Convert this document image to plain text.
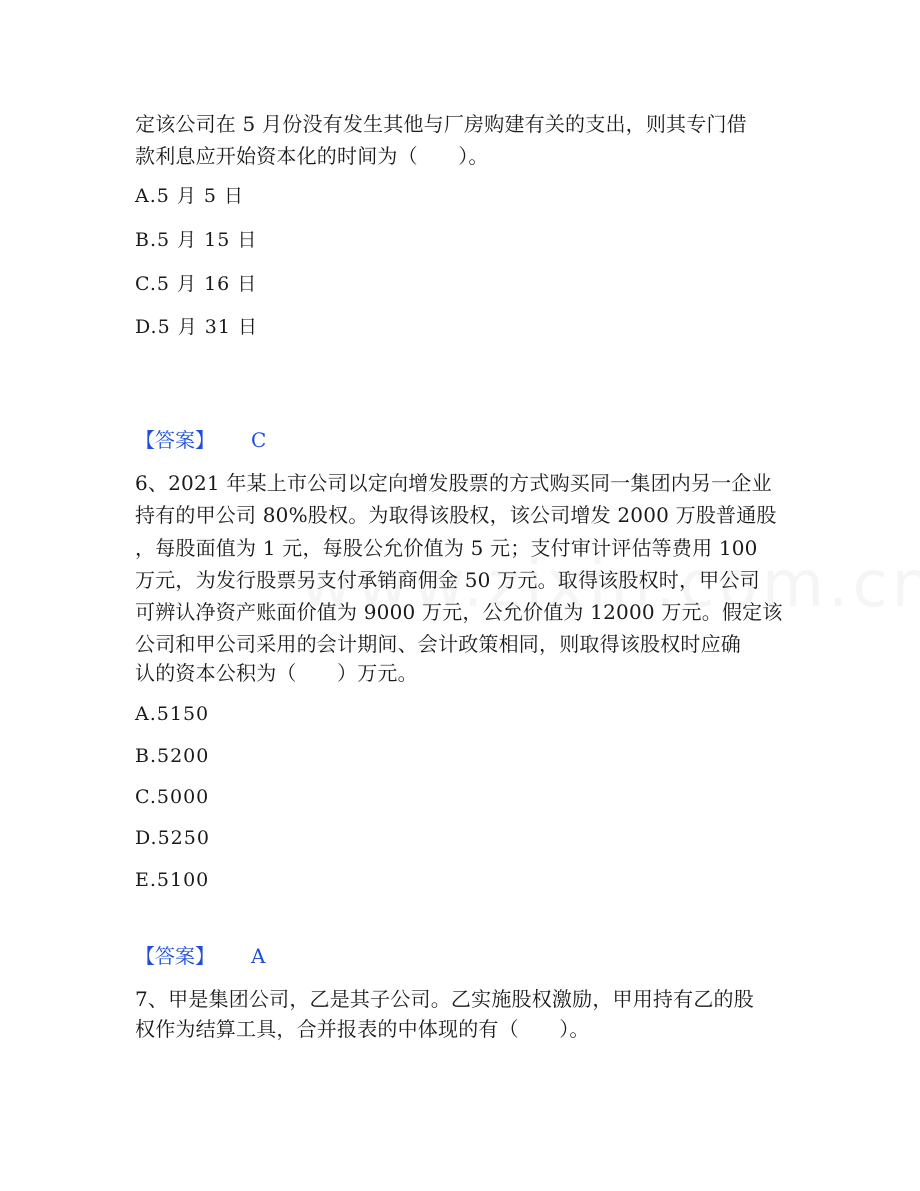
定该公司在 5 月份没有发生其他与厂房购建有关的支出，则其专门借
款利息应开始资本化的时间为（　　）。
A.5 月 5 日
B.5 月 15 日
C.5 月 16 日
D.5 月 31 日
【答案】 C
6、2021 年某上市公司以定向增发股票的方式购买同一集团内另一企业
持有的甲公司 80%股权。为取得该股权，该公司增发 2000 万股普通股
，每股面值为 1 元，每股公允价值为 5 元；支付审计评估等费用 100
万元，为发行股票另支付承销商佣金 50 万元。取得该股权时，甲公司
可辨认净资产账面价值为 9000 万元，公允价值为 12000 万元。假定该
公司和甲公司采用的会计期间、会计政策相同，则取得该股权时应确
认的资本公积为（　　）万元。
A.5150
B.5200
C.5000
D.5250
E.5100
【答案】 A
7、甲是集团公司，乙是其子公司。乙实施股权激励，甲用持有乙的股
权作为结算工具，合并报表的中体现的有（　　）。
